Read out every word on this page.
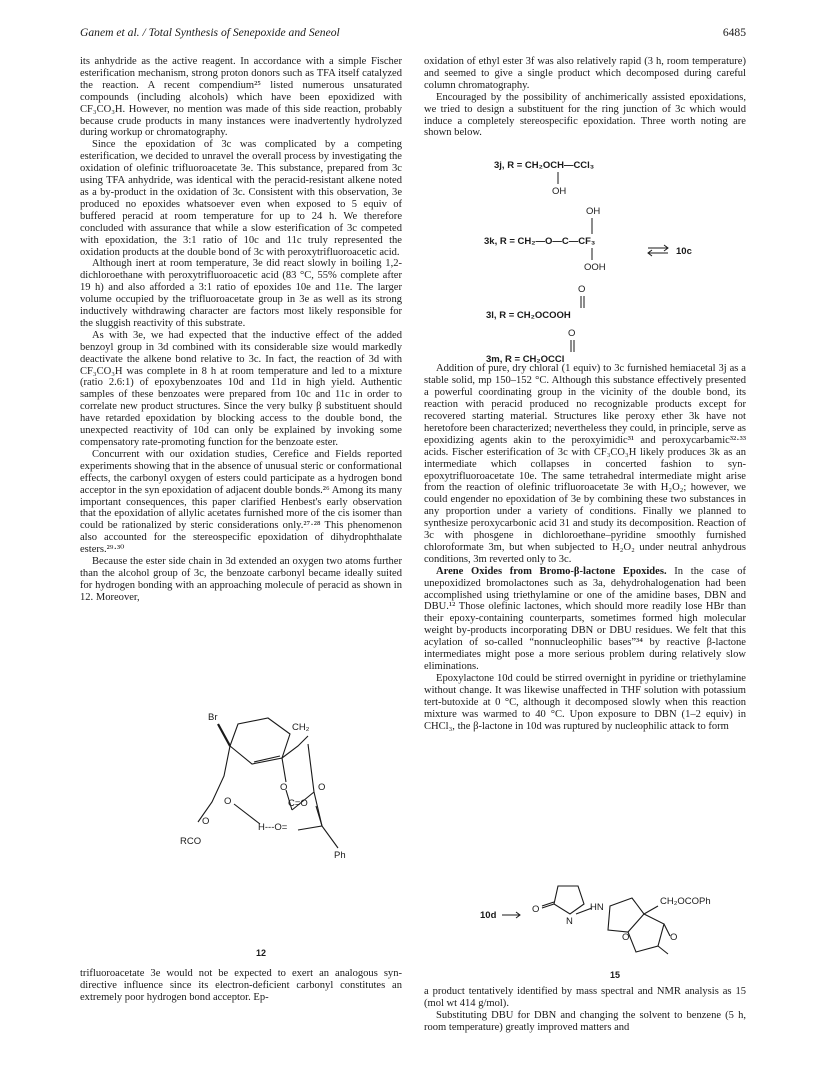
Ganem et al. / Total Synthesis of Senepoxide and Seneol	6485

its anhydride as the active reagent. In accordance with a simple Fischer esterification mechanism, strong proton donors such as TFA itself catalyzed the reaction. A recent compendium²⁵ listed numerous unsaturated compounds (including alcohols) which have been epoxidized with CF₃CO₃H. However, no mention was made of this side reaction, probably because crude products in many instances were inadvertently hydrolyzed during workup or chromatography.

Since the epoxidation of 3c was complicated by a competing esterification, we decided to unravel the overall process by investigating the oxidation of olefinic trifluoroacetate 3e. This substance, prepared from 3c using TFA anhydride, was identical with the peracid-resistant alkene noted as a by-product in the oxidation of 3c. Consistent with this observation, 3e produced no epoxides whatsoever even when exposed to 5 equiv of buffered peracid at room temperature for up to 24 h. We therefore concluded with assurance that while a slow esterification of 3c competed with epoxidation, the 3:1 ratio of 10c and 11c truly represented the oxidation products at the double bond of 3c with peroxytrifluoroacetic acid.

Although inert at room temperature, 3e did react slowly in boiling 1,2-dichloroethane with peroxytrifluoroacetic acid (83 °C, 55% complete after 19 h) and also afforded a 3:1 ratio of epoxides 10e and 11e. The larger volume occupied by the trifluoroacetate group in 3e as well as its strong inductively withdrawing character are factors most likely responsible for the sluggish reactivity of this substrate.

As with 3e, we had expected that the inductive effect of the added benzoyl group in 3d combined with its considerable size would markedly deactivate the alkene bond relative to 3c. In fact, the reaction of 3d with CF₃CO₃H was complete in 8 h at room temperature and led to a mixture (ratio 2.6:1) of epoxybenzoates 10d and 11d in high yield. Authentic samples of these benzoates were prepared from 10c and 11c in order to correlate new product structures. Since the very bulky β substituent should have retarded epoxidation by blocking access to the double bond, the unexpected reactivity of 10d can only be explained by invoking some compensatory rate-promoting function for the benzoate ester.

Concurrent with our oxidation studies, Cerefice and Fields reported experiments showing that in the absence of unusual steric or conformational effects, the carbonyl oxygen of esters could participate as a hydrogen bond acceptor in the syn epoxidation of adjacent double bonds.²⁶ Among its many important consequences, this paper clarified Henbest's early observation that the epoxidation of allylic acetates furnished more of the cis isomer than could be rationalized by steric considerations only.²⁷·²⁸ This phenomenon also accounted for the stereospecific epoxidation of dihydrophthalate esters.²⁹·³⁰

Because the ester side chain in 3d extended an oxygen two atoms further than the alcohol group of 3c, the benzoate carbonyl became ideally suited for hydrogen bonding with an approaching molecule of peracid as shown in 12. Moreover,

Br
CH₂
O
C=O
O
O
O
H---O=
RCO
Ph
12

trifluoroacetate 3e would not be expected to exert an analogous syn-directive influence since its electron-deficient carbonyl constitutes an extremely poor hydrogen bond acceptor. Ep-

oxidation of ethyl ester 3f was also relatively rapid (3 h, room temperature) and seemed to give a single product which decomposed during careful column chromatography.

Encouraged by the possibility of anchimerically assisted epoxidations, we tried to design a substituent for the ring junction of 3c which would induce a completely stereospecific epoxidation. Three worth noting are shown below.

Addition of pure, dry chloral (1 equiv) to 3c furnished hemiacetal 3j as a stable solid, mp 150–152 °C. Although this substance effectively presented a powerful coordinating group in the vicinity of the double bond, its reaction with peracid produced no recognizable products except for recovered starting material. Structures like peroxy ether 3k have not heretofore been characterized; nevertheless they could, in principle, serve as epoxidizing agents akin to the peroxyimidic³¹ and peroxycarbamic³²·³³ acids. Fischer esterification of 3c with CF₃CO₃H likely produces 3k as an intermediate which collapses in concerted fashion to syn-epoxytrifluoroacetate 10e. The same tetrahedral intermediate might arise from the reaction of olefinic trifluoroacetate 3e with H₂O₂; however, we could engender no epoxidation of 3e by combining these two substances in any proportion under a variety of conditions. Finally we planned to synthesize peroxycarbonic acid 31 and study its decomposition. Reaction of 3c with phosgene in dichloroethane–pyridine smoothly furnished chloroformate 3m, but when subjected to H₂O₂ under neutral anhydrous conditions, 3m reverted only to 3c.

Arene Oxides from Bromo-β-lactone Epoxides. In the case of unepoxidized bromolactones such as 3a, dehydrohalogenation had been accomplished using triethylamine or one of the amidine bases, DBN and DBU.¹² Those olefinic lactones, which should more readily lose HBr than their epoxy-containing counterparts, sometimes formed high molecular weight by-products incorporating DBN or DBU residues. We felt that this acylation of so-called “nonnucleophilic bases”³⁴ by reactive β-lactone intermediates might pose a more serious problem during relatively slow eliminations.

Epoxylactone 10d could be stirred overnight in pyridine or triethylamine without change. It was likewise unaffected in THF solution with potassium tert-butoxide at 0 °C, although it decomposed slowly when this reaction mixture was warmed to 40 °C. Upon exposure to DBN (1–2 equiv) in CHCl₃, the β-lactone in 10d was ruptured by nucleophilic attack to form

3j, R = CH₂OCH—CCl₃
OH
OH
3k, R = CH₂—O—C—CF₃
OOH
10c
O
3l, R = CH₂OCOOH
O
3m, R = CH₂OCCl
10d
O
N
HN
CH₂OCOPh
O	O
15

a product tentatively identified by mass spectral and NMR analysis as 15 (mol wt 414 g/mol).

Substituting DBU for DBN and changing the solvent to benzene (5 h, room temperature) greatly improved matters and
